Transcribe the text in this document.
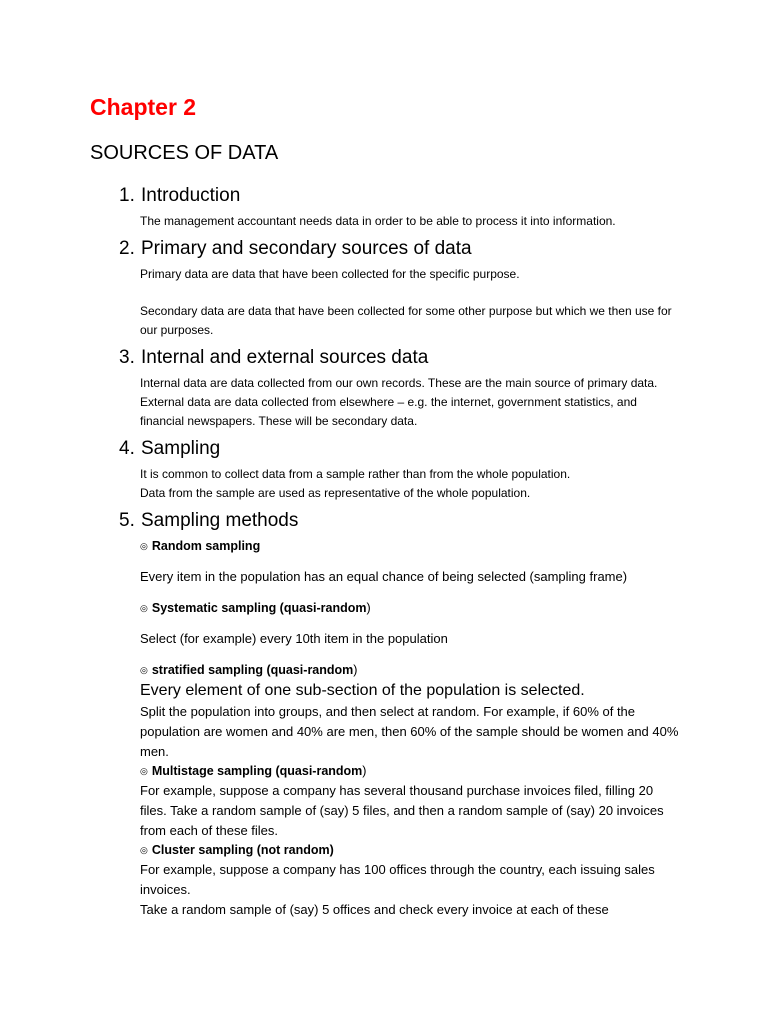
Chapter 2
SOURCES OF DATA
1. Introduction

The management accountant needs data in order to be able to process it into information.

2. Primary and secondary sources of data

Primary data are data that have been collected for the specific purpose.

Secondary data are data that have been collected for some other purpose but which we then use for our purposes.

3. Internal and external sources data

Internal data are data collected from our own records. These are the main source of primary data.

External data are data collected from elsewhere – e.g. the internet, government statistics, and financial newspapers. These will be secondary data.

4. Sampling

It is common to collect data from a sample rather than from the whole population.

Data from the sample are used as representative of the whole population.

5. Sampling methods
◎ Random sampling

Every item in the population has an equal chance of being selected (sampling frame)

◎ Systematic sampling (quasi-random )

Select (for example) every 10th item in the population

◎ stratified sampling (quasi-random )

Every element of one sub-section of the population is selected.

Split the population into groups, and then select at random. For example, if 60% of the population are women and 40% are men, then 60% of the sample should be women and 40% men.

◎ Multistage sampling (quasi-random )

For example, suppose a company has several thousand purchase invoices filed, filling 20 files. Take a random sample of (say) 5 files, and then a random sample of (say) 20 invoices from each of these files.

◎ Cluster sampling (not random)

For example, suppose a company has 100 offices through the country, each issuing sales invoices.

Take a random sample of (say) 5 offices and check every invoice at each of these
